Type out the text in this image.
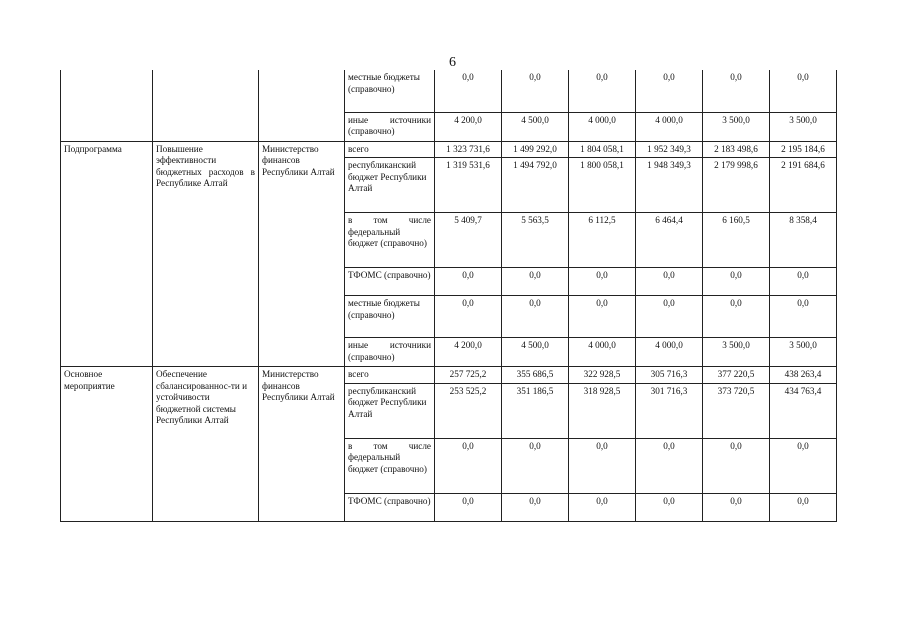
6
			местные бюджеты (справочно)	0,0	0,0	0,0	0,0	0,0	0,0
			иные источники (справочно)	4 200,0	4 500,0	4 000,0	4 000,0	3 500,0	3 500,0
Подпрограмма	Повышение эффективности бюджетных расходов в Республике Алтай	Министерство финансов Республики Алтай	всего	1 323 731,6	1 499 292,0	1 804 058,1	1 952 349,3	2 183 498,6	2 195 184,6
			республиканский бюджет Республики Алтай	1 319 531,6	1 494 792,0	1 800 058,1	1 948 349,3	2 179 998,6	2 191 684,6
			в том числе федеральный бюджет (справочно)	5 409,7	5 563,5	6 112,5	6 464,4	6 160,5	8 358,4
			ТФОМС (справочно)	0,0	0,0	0,0	0,0	0,0	0,0
			местные бюджеты (справочно)	0,0	0,0	0,0	0,0	0,0	0,0
			иные источники (справочно)	4 200,0	4 500,0	4 000,0	4 000,0	3 500,0	3 500,0
Основное мероприятие	Обеспечение сбалансированнос-ти и устойчивости бюджетной системы Республики Алтай	Министерство финансов Республики Алтай	всего	257 725,2	355 686,5	322 928,5	305 716,3	377 220,5	438 263,4
			республиканский бюджет Республики Алтай	253 525,2	351 186,5	318 928,5	301 716,3	373 720,5	434 763,4
			в том числе федеральный бюджет (справочно)	0,0	0,0	0,0	0,0	0,0	0,0
			ТФОМС (справочно)	0,0	0,0	0,0	0,0	0,0	0,0
